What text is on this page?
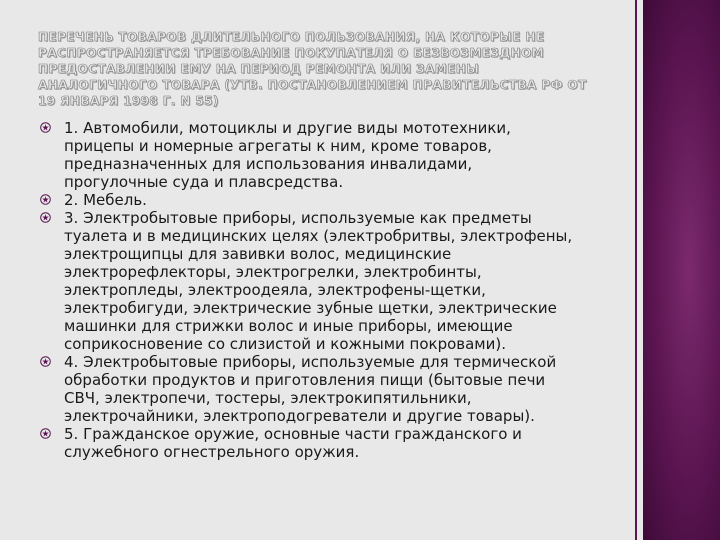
ПЕРЕЧЕНЬ ТОВАРОВ ДЛИТЕЛЬНОГО ПОЛЬЗОВАНИЯ, НА КОТОРЫЕ НЕ РАСПРОСТРАНЯЕТСЯ ТРЕБОВАНИЕ ПОКУПАТЕЛЯ О БЕЗВОЗМЕЗДНОМ ПРЕДОСТАВЛЕНИИ ЕМУ НА ПЕРИОД РЕМОНТА ИЛИ ЗАМЕНЫ АНАЛОГИЧНОГО ТОВАРА (УТВ. ПОСТАНОВЛЕНИЕМ ПРАВИТЕЛЬСТВА РФ ОТ 19 ЯНВАРЯ 1998 Г. N 55)
1. Автомобили, мотоциклы и другие виды мототехники, прицепы и номерные агрегаты к ним, кроме товаров, предназначенных для использования инвалидами, прогулочные суда и плавсредства.
2. Мебель.
3. Электробытовые приборы, используемые как предметы туалета и в медицинских целях (электробритвы, электрофены, электрощипцы для завивки волос, медицинские электрорефлекторы, электрогрелки, электробинты, электропледы, электроодеяла, электрофены-щетки, электробигуди, электрические зубные щетки, электрические машинки для стрижки волос и иные приборы, имеющие соприкосновение со слизистой и кожными покровами).
4. Электробытовые приборы, используемые для термической обработки продуктов и приготовления пищи (бытовые печи СВЧ, электропечи, тостеры, электрокипятильники, электрочайники, электроподогреватели и другие товары).
5. Гражданское оружие, основные части гражданского и служебного огнестрельного оружия.
